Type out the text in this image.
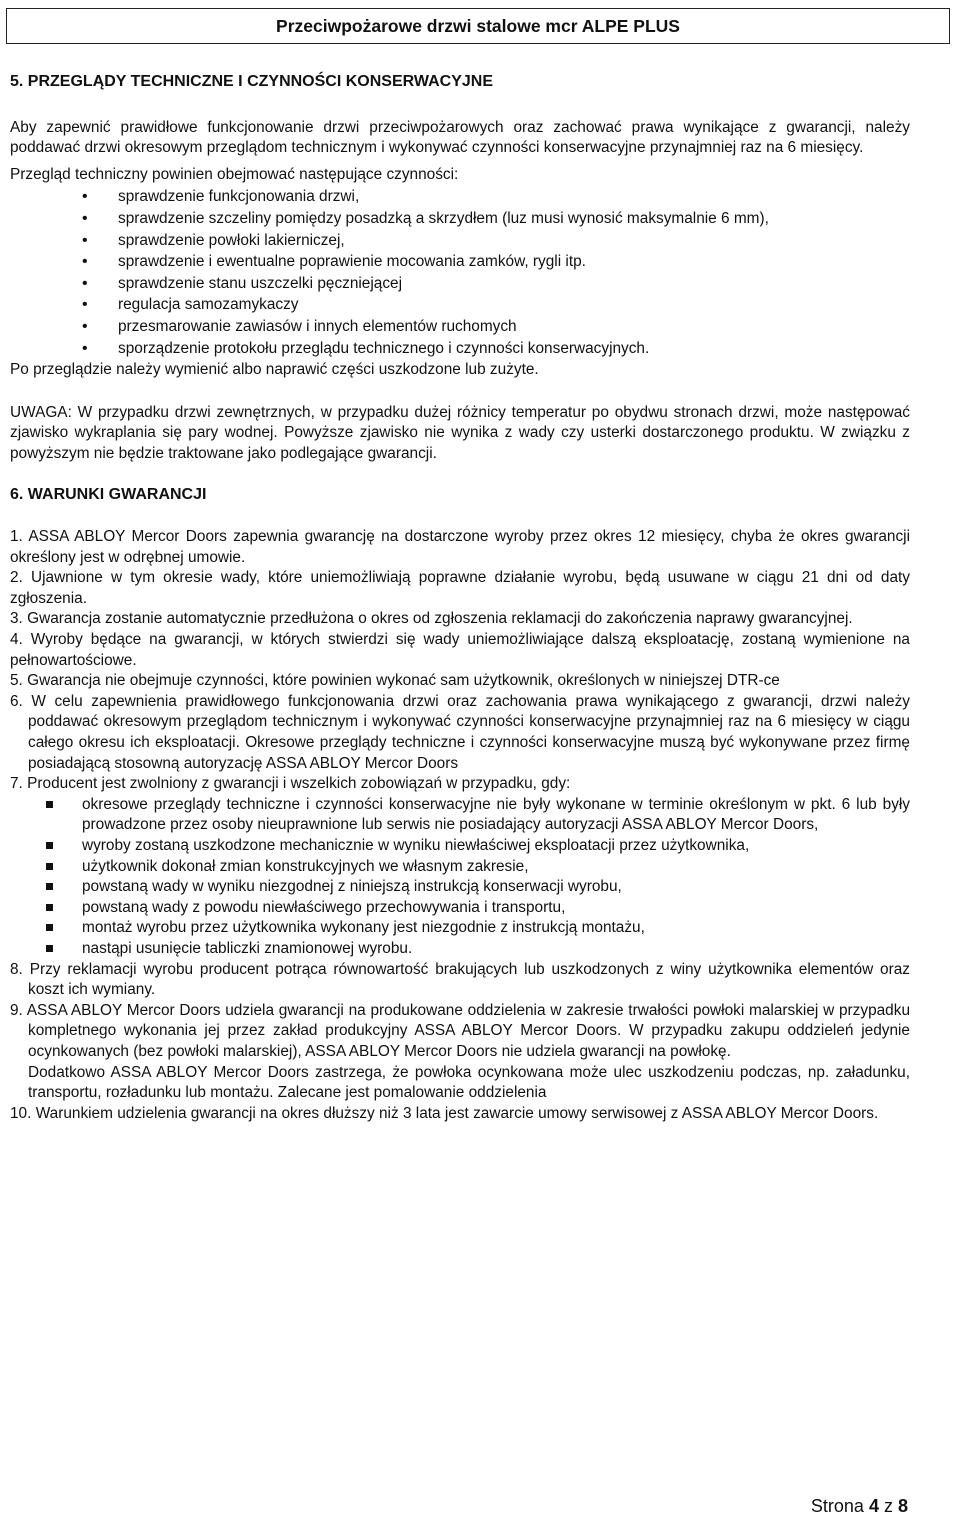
Przeciwpożarowe drzwi stalowe mcr ALPE PLUS
5. PRZEGLĄDY TECHNICZNE I CZYNNOŚCI KONSERWACYJNE

Aby zapewnić prawidłowe funkcjonowanie drzwi przeciwpożarowych oraz zachować prawa wynikające z gwarancji, należy poddawać drzwi okresowym przeglądom technicznym i wykonywać czynności konserwacyjne przynajmniej raz na 6 miesięcy.

Przegląd techniczny powinien obejmować następujące czynności:

• sprawdzenie funkcjonowania drzwi,
• sprawdzenie szczeliny pomiędzy posadzką a skrzydłem (luz musi wynosić maksymalnie 6 mm),
• sprawdzenie powłoki lakierniczej,
• sprawdzenie i ewentualne poprawienie mocowania zamków, rygli itp.
• sprawdzenie stanu uszczelki pęczniejącej
• regulacja samozamykaczy
• przesmarowanie zawiasów i innych elementów ruchomych
• sporządzenie protokołu przeglądu technicznego i czynności konserwacyjnych.

Po przeglądzie należy wymienić albo naprawić części uszkodzone lub zużyte.

UWAGA: W przypadku drzwi zewnętrznych, w przypadku dużej różnicy temperatur po obydwu stronach drzwi, może następować zjawisko wykraplania się pary wodnej. Powyższe zjawisko nie wynika z wady czy usterki dostarczonego produktu. W związku z powyższym nie będzie traktowane jako podlegające gwarancji.

6. WARUNKI GWARANCJI
1. ASSA ABLOY Mercor Doors zapewnia gwarancję na dostarczone wyroby przez okres 12 miesięcy, chyba że okres gwarancji określony jest w odrębnej umowie.
2. Ujawnione w tym okresie wady, które uniemożliwiają poprawne działanie wyrobu, będą usuwane w ciągu 21 dni od daty zgłoszenia.
3. Gwarancja zostanie automatycznie przedłużona o okres od zgłoszenia reklamacji do zakończenia naprawy gwarancyjnej.
4. Wyroby będące na gwarancji, w których stwierdzi się wady uniemożliwiające dalszą eksploatację, zostaną wymienione na pełnowartościowe.
5. Gwarancja nie obejmuje czynności, które powinien wykonać sam użytkownik, określonych w niniejszej DTR-ce
6. W celu zapewnienia prawidłowego funkcjonowania drzwi oraz zachowania prawa wynikającego z gwarancji, drzwi należy poddawać okresowym przeglądom technicznym i wykonywać czynności konserwacyjne przynajmniej raz na 6 miesięcy w ciągu całego okresu ich eksploatacji. Okresowe przeglądy techniczne i czynności konserwacyjne muszą być wykonywane przez firmę posiadającą stosowną autoryzację ASSA ABLOY Mercor Doors
7. Producent jest zwolniony z gwarancji i wszelkich zobowiązań w przypadku, gdy:
okresowe przeglądy techniczne i czynności konserwacyjne nie były wykonane w terminie określonym w pkt. 6 lub były prowadzone przez osoby nieuprawnione lub serwis nie posiadający autoryzacji ASSA ABLOY Mercor Doors,
wyroby zostaną uszkodzone mechanicznie w wyniku niewłaściwej eksploatacji przez użytkownika,
użytkownik dokonał zmian konstrukcyjnych we własnym zakresie,
powstaną wady w wyniku niezgodnej z niniejszą instrukcją konserwacji wyrobu,
powstaną wady z powodu niewłaściwego przechowywania i transportu,
montaż wyrobu przez użytkownika wykonany jest niezgodnie z instrukcją montażu,
nastąpi usunięcie tabliczki znamionowej wyrobu.
8. Przy reklamacji wyrobu producent potrąca równowartość brakujących lub uszkodzonych z winy użytkownika elementów oraz koszt ich wymiany.
9. ASSA ABLOY Mercor Doors udziela gwarancji na produkowane oddzielenia w zakresie trwałości powłoki malarskiej w przypadku kompletnego wykonania jej przez zakład produkcyjny ASSA ABLOY Mercor Doors. W przypadku zakupu oddzieleń jedynie ocynkowanych (bez powłoki malarskiej), ASSA ABLOY Mercor Doors nie udziela gwarancji na powłokę.
Dodatkowo ASSA ABLOY Mercor Doors zastrzega, że powłoka ocynkowana może ulec uszkodzeniu podczas, np. załadunku, transportu, rozładunku lub montażu. Zalecane jest pomalowanie oddzielenia
10. Warunkiem udzielenia gwarancji na okres dłuższy niż 3 lata jest zawarcie umowy serwisowej z ASSA ABLOY Mercor Doors.
Strona 4 z 8
